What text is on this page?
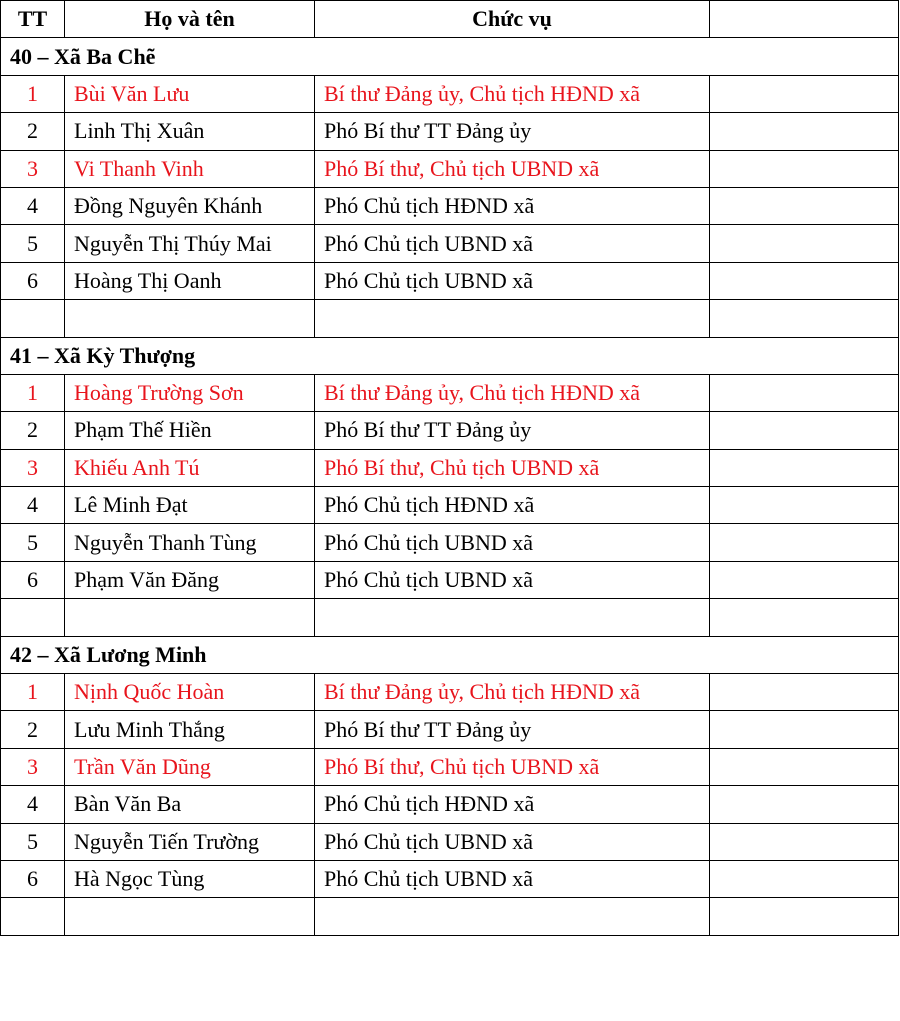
TT	Họ và tên	Chức vụ	
40 – Xã Ba Chẽ			
1	Bùi Văn Lưu	Bí thư Đảng ủy, Chủ tịch HĐND xã	
2	Linh Thị Xuân	Phó Bí thư TT Đảng ủy	
3	Vi Thanh Vinh	Phó Bí thư, Chủ tịch UBND xã	
4	Đồng Nguyên Khánh	Phó Chủ tịch HĐND xã	
5	Nguyễn Thị Thúy Mai	Phó Chủ tịch UBND xã	
6	Hoàng Thị Oanh	Phó Chủ tịch UBND xã	

41 – Xã Kỳ Thượng			
1	Hoàng Trường Sơn	Bí thư Đảng ủy, Chủ tịch HĐND xã	
2	Phạm Thế Hiền	Phó Bí thư TT Đảng ủy	
3	Khiếu Anh Tú	Phó Bí thư, Chủ tịch UBND xã	
4	Lê Minh Đạt	Phó Chủ tịch HĐND xã	
5	Nguyễn Thanh Tùng	Phó Chủ tịch UBND xã	
6	Phạm Văn Đăng	Phó Chủ tịch UBND xã	

42 – Xã Lương Minh			
1	Nịnh Quốc Hoàn	Bí thư Đảng ủy, Chủ tịch HĐND xã	
2	Lưu Minh Thắng	Phó Bí thư TT Đảng ủy	
3	Trần Văn Dũng	Phó Bí thư, Chủ tịch UBND xã	
4	Bàn Văn Ba	Phó Chủ tịch HĐND xã	
5	Nguyễn Tiến Trường	Phó Chủ tịch UBND xã	
6	Hà Ngọc Tùng	Phó Chủ tịch UBND xã	
